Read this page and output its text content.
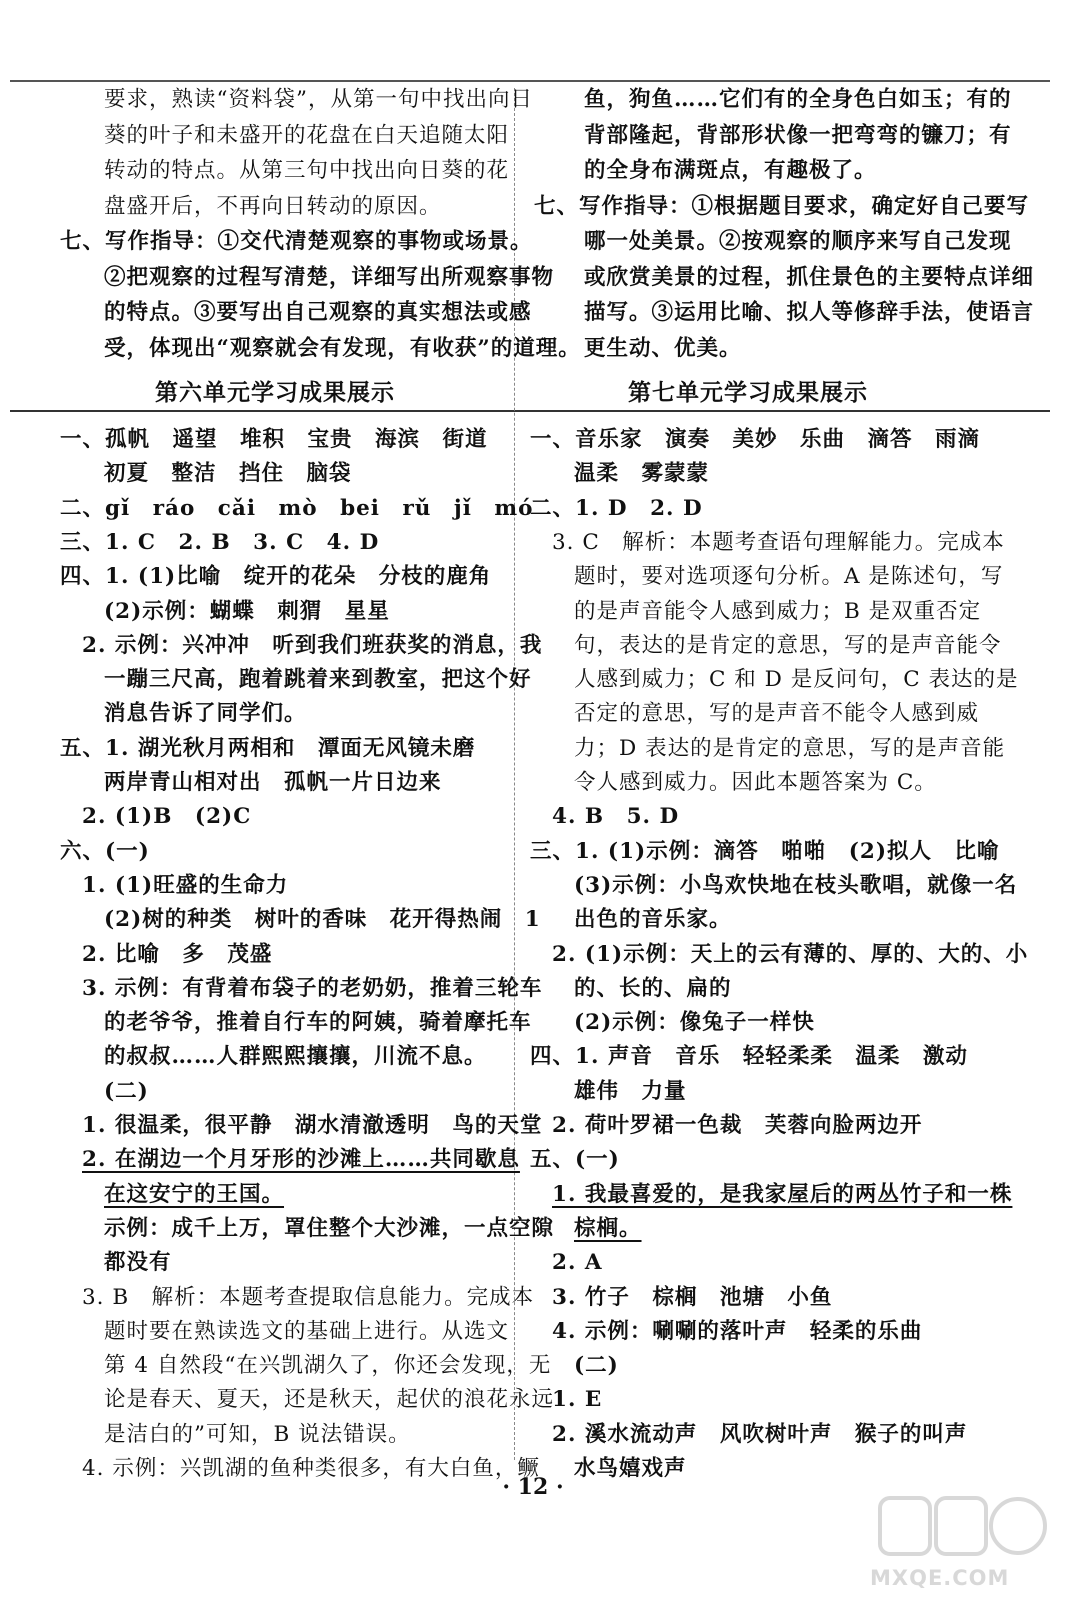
要求，熟读“资料袋”，从第一句中找出向日
葵的叶子和未盛开的花盘在白天追随太阳
转动的特点。从第三句中找出向日葵的花
盘盛开后，不再向日转动的原因。
七、写作指导：①交代清楚观察的事物或场景。
②把观察的过程写清楚，详细写出所观察事物
的特点。③要写出自己观察的真实想法或感
受，体现出“观察就会有发现，有收获”的道理。
第六单元学习成果展示
一、孤帆　遥望　堆积　宝贵　海滨　街道
初夏　整洁　挡住　脑袋
二、gǐ　ráo　cǎi　mò　bei　rǔ　jǐ　mó
三、1. C　2. B　3. C　4. D
四、1. (1)比喻　绽开的花朵　分枝的鹿角
(2)示例：蝴蝶　刺猬　星星
2. 示例：兴冲冲　听到我们班获奖的消息，我
一蹦三尺高，跑着跳着来到教室，把这个好
消息告诉了同学们。
五、1. 湖光秋月两相和　潭面无风镜未磨
两岸青山相对出　孤帆一片日边来
2. (1)B　(2)C
六、(一)
1. (1)旺盛的生命力
(2)树的种类　树叶的香味　花开得热闹　1
2. 比喻　多　茂盛
3. 示例：有背着布袋子的老奶奶，推着三轮车
的老爷爷，推着自行车的阿姨，骑着摩托车
的叔叔……人群熙熙攘攘，川流不息。
(二)
1. 很温柔，很平静　湖水清澈透明　鸟的天堂
2. 在湖边一个月牙形的沙滩上……共同歇息
在这安宁的王国。
示例：成千上万，罩住整个大沙滩，一点空隙
都没有
3. B　解析：本题考查提取信息能力。完成本
题时要在熟读选文的基础上进行。从选文
第 4 自然段“在兴凯湖久了，你还会发现，无
论是春天、夏天，还是秋天，起伏的浪花永远
是洁白的”可知，B 说法错误。
4. 示例：兴凯湖的鱼种类很多，有大白鱼，鳜
鱼，狗鱼……它们有的全身色白如玉；有的
背部隆起，背部形状像一把弯弯的镰刀；有
的全身布满斑点，有趣极了。
七、写作指导：①根据题目要求，确定好自己要写
哪一处美景。②按观察的顺序来写自己发现
或欣赏美景的过程，抓住景色的主要特点详细
描写。③运用比喻、拟人等修辞手法，使语言
更生动、优美。
第七单元学习成果展示
一、音乐家　演奏　美妙　乐曲　滴答　雨滴
温柔　雾蒙蒙
二、1. D　2. D
3. C　解析：本题考查语句理解能力。完成本
题时，要对选项逐句分析。A 是陈述句，写
的是声音能令人感到威力；B 是双重否定
句，表达的是肯定的意思，写的是声音能令
人感到威力；C 和 D 是反问句，C 表达的是
否定的意思，写的是声音不能令人感到威
力；D 表达的是肯定的意思，写的是声音能
令人感到威力。因此本题答案为 C。
4. B　5. D
三、1. (1)示例：滴答　啪啪　(2)拟人　比喻
(3)示例：小鸟欢快地在枝头歌唱，就像一名
出色的音乐家。
2. (1)示例：天上的云有薄的、厚的、大的、小
的、长的、扁的
(2)示例：像兔子一样快
四、1. 声音　音乐　轻轻柔柔　温柔　激动
雄伟　力量
2. 荷叶罗裙一色裁　芙蓉向脸两边开
五、(一)
1. 我最喜爱的，是我家屋后的两丛竹子和一株
棕榈。
2. A
3. 竹子　棕榈　池塘　小鱼
4. 示例：唰唰的落叶声　轻柔的乐曲
(二)
1. E
2. 溪水流动声　风吹树叶声　猴子的叫声
水鸟嬉戏声
· 12 ·
MXQE.COM
